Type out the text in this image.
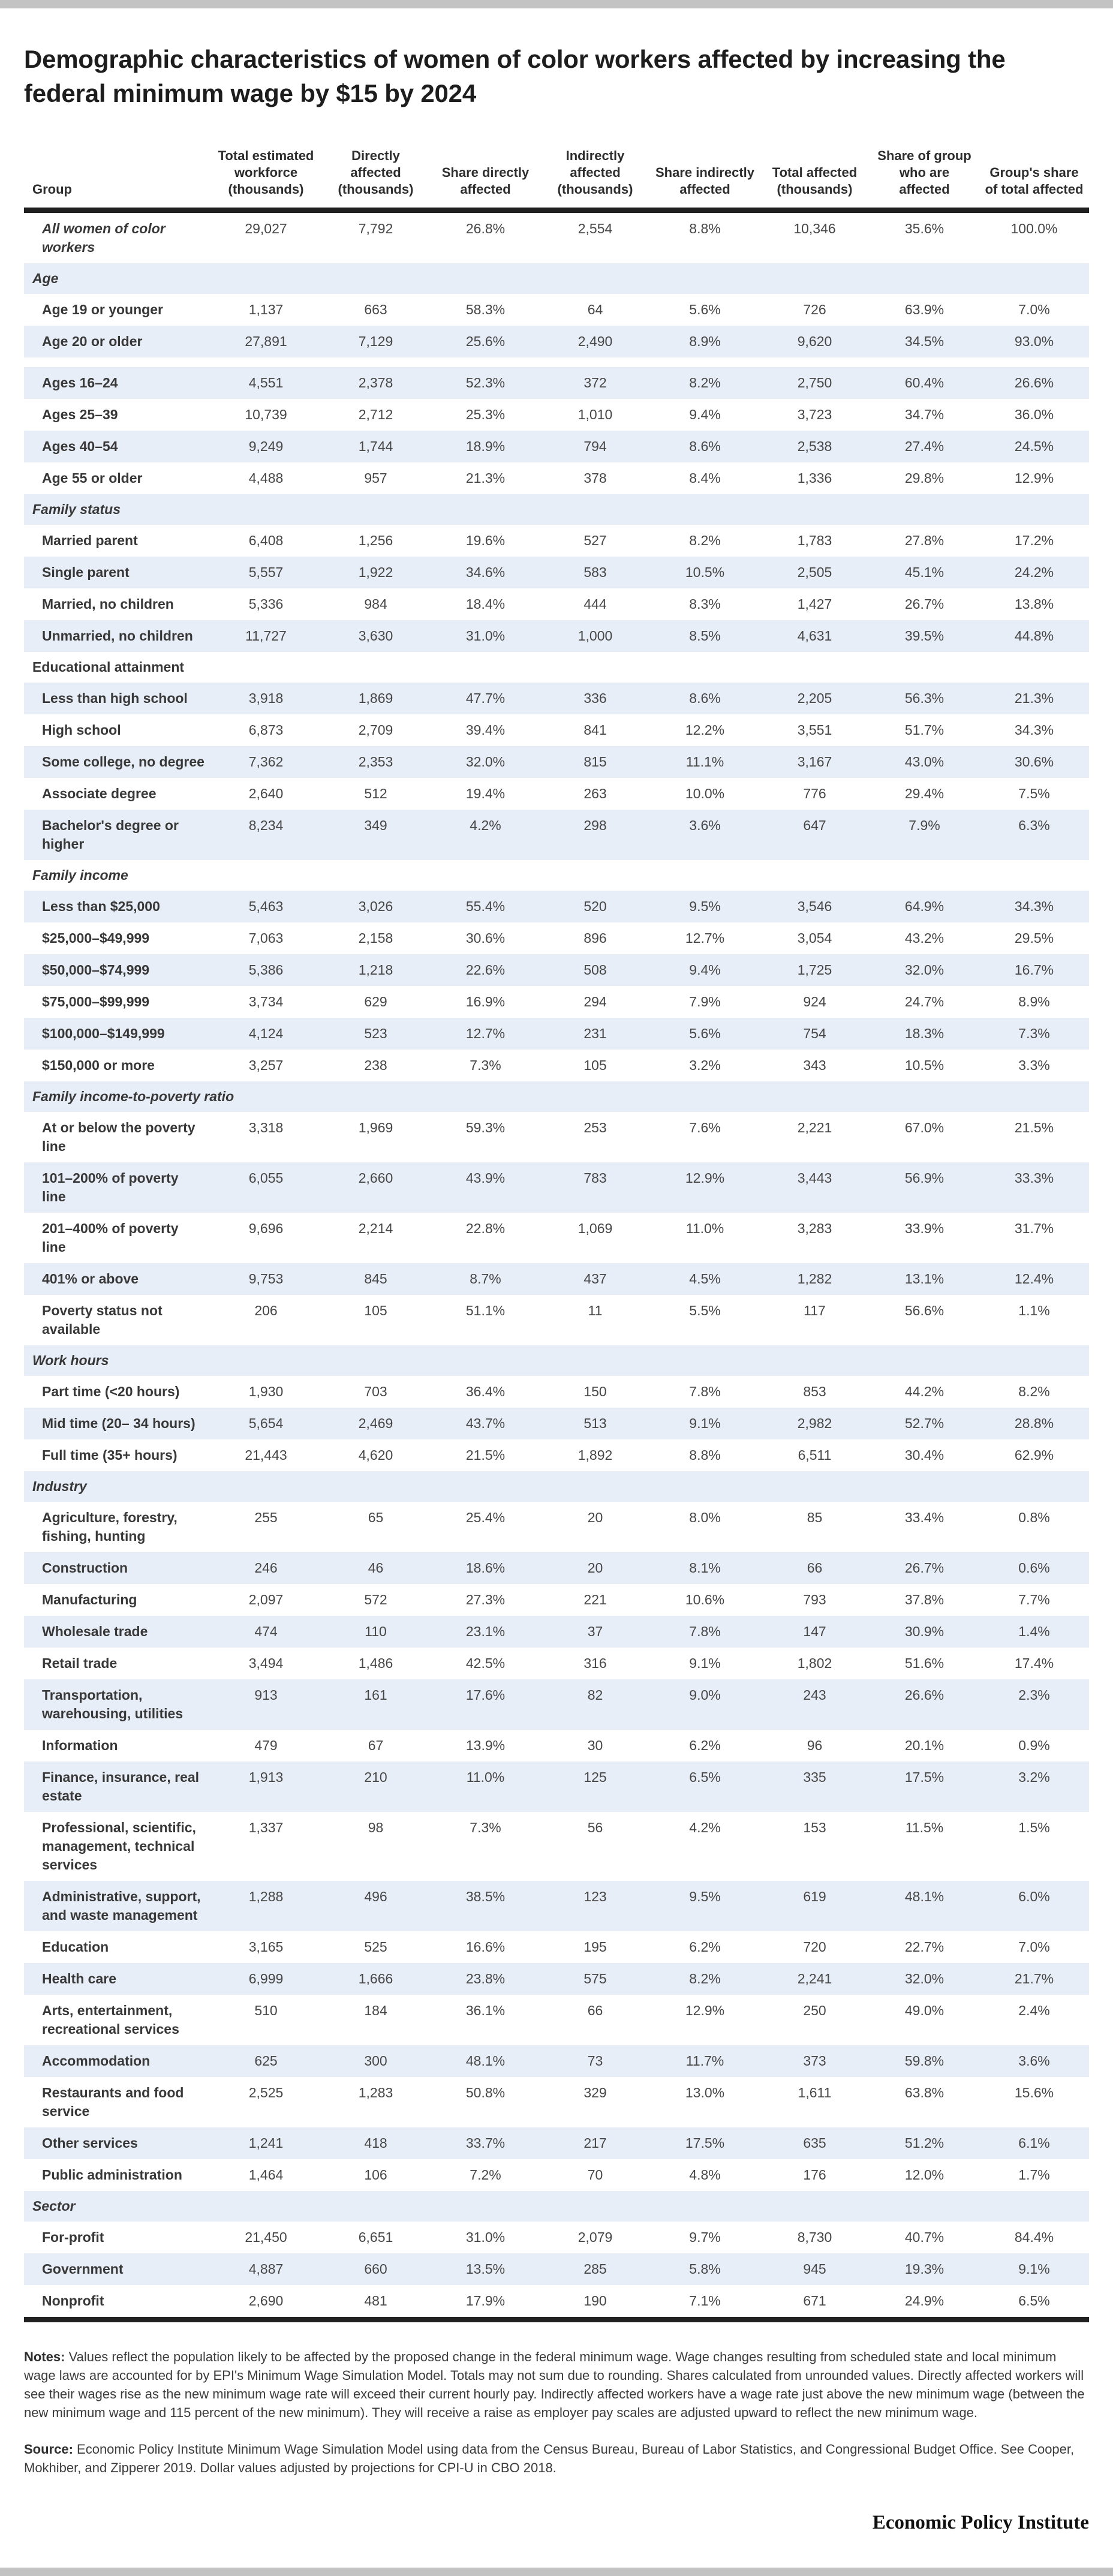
Demographic characteristics of women of color workers affected by increasing the federal minimum wage by $15 by 2024
Group	Total estimated workforce (thousands)	Directly affected (thousands)	Share directly affected	Indirectly affected (thousands)	Share indirectly affected	Total affected (thousands)	Share of group who are affected	Group's share of total affected
All women of color workers	29,027	7,792	26.8%	2,554	8.8%	10,346	35.6%	100.0%
Age								
Age 19 or younger	1,137	663	58.3%	64	5.6%	726	63.9%	7.0%
Age 20 or older	27,891	7,129	25.6%	2,490	8.9%	9,620	34.5%	93.0%

Ages 16–24	4,551	2,378	52.3%	372	8.2%	2,750	60.4%	26.6%
Ages 25–39	10,739	2,712	25.3%	1,010	9.4%	3,723	34.7%	36.0%
Ages 40–54	9,249	1,744	18.9%	794	8.6%	2,538	27.4%	24.5%
Age 55 or older	4,488	957	21.3%	378	8.4%	1,336	29.8%	12.9%
Family status								
Married parent	6,408	1,256	19.6%	527	8.2%	1,783	27.8%	17.2%
Single parent	5,557	1,922	34.6%	583	10.5%	2,505	45.1%	24.2%
Married, no children	5,336	984	18.4%	444	8.3%	1,427	26.7%	13.8%
Unmarried, no children	11,727	3,630	31.0%	1,000	8.5%	4,631	39.5%	44.8%
Educational attainment								
Less than high school	3,918	1,869	47.7%	336	8.6%	2,205	56.3%	21.3%
High school	6,873	2,709	39.4%	841	12.2%	3,551	51.7%	34.3%
Some college, no degree	7,362	2,353	32.0%	815	11.1%	3,167	43.0%	30.6%
Associate degree	2,640	512	19.4%	263	10.0%	776	29.4%	7.5%
Bachelor's degree or higher	8,234	349	4.2%	298	3.6%	647	7.9%	6.3%
Family income								
Less than $25,000	5,463	3,026	55.4%	520	9.5%	3,546	64.9%	34.3%
$25,000–$49,999	7,063	2,158	30.6%	896	12.7%	3,054	43.2%	29.5%
$50,000–$74,999	5,386	1,218	22.6%	508	9.4%	1,725	32.0%	16.7%
$75,000–$99,999	3,734	629	16.9%	294	7.9%	924	24.7%	8.9%
$100,000–$149,999	4,124	523	12.7%	231	5.6%	754	18.3%	7.3%
$150,000 or more	3,257	238	7.3%	105	3.2%	343	10.5%	3.3%
Family income-to-poverty ratio								
At or below the poverty line	3,318	1,969	59.3%	253	7.6%	2,221	67.0%	21.5%
101–200% of poverty line	6,055	2,660	43.9%	783	12.9%	3,443	56.9%	33.3%
201–400% of poverty line	9,696	2,214	22.8%	1,069	11.0%	3,283	33.9%	31.7%
401% or above	9,753	845	8.7%	437	4.5%	1,282	13.1%	12.4%
Poverty status not available	206	105	51.1%	11	5.5%	117	56.6%	1.1%
Work hours								
Part time (<20 hours)	1,930	703	36.4%	150	7.8%	853	44.2%	8.2%
Mid time (20– 34 hours)	5,654	2,469	43.7%	513	9.1%	2,982	52.7%	28.8%
Full time (35+ hours)	21,443	4,620	21.5%	1,892	8.8%	6,511	30.4%	62.9%
Industry								
Agriculture, forestry, fishing, hunting	255	65	25.4%	20	8.0%	85	33.4%	0.8%
Construction	246	46	18.6%	20	8.1%	66	26.7%	0.6%
Manufacturing	2,097	572	27.3%	221	10.6%	793	37.8%	7.7%
Wholesale trade	474	110	23.1%	37	7.8%	147	30.9%	1.4%
Retail trade	3,494	1,486	42.5%	316	9.1%	1,802	51.6%	17.4%
Transportation, warehousing, utilities	913	161	17.6%	82	9.0%	243	26.6%	2.3%
Information	479	67	13.9%	30	6.2%	96	20.1%	0.9%
Finance, insurance, real estate	1,913	210	11.0%	125	6.5%	335	17.5%	3.2%
Professional, scientific, management, technical services	1,337	98	7.3%	56	4.2%	153	11.5%	1.5%
Administrative, support, and waste management	1,288	496	38.5%	123	9.5%	619	48.1%	6.0%
Education	3,165	525	16.6%	195	6.2%	720	22.7%	7.0%
Health care	6,999	1,666	23.8%	575	8.2%	2,241	32.0%	21.7%
Arts, entertainment, recreational services	510	184	36.1%	66	12.9%	250	49.0%	2.4%
Accommodation	625	300	48.1%	73	11.7%	373	59.8%	3.6%
Restaurants and food service	2,525	1,283	50.8%	329	13.0%	1,611	63.8%	15.6%
Other services	1,241	418	33.7%	217	17.5%	635	51.2%	6.1%
Public administration	1,464	106	7.2%	70	4.8%	176	12.0%	1.7%
Sector								
For-profit	21,450	6,651	31.0%	2,079	9.7%	8,730	40.7%	84.4%
Government	4,887	660	13.5%	285	5.8%	945	19.3%	9.1%
Nonprofit	2,690	481	17.9%	190	7.1%	671	24.9%	6.5%

Notes: Values reflect the population likely to be affected by the proposed change in the federal minimum wage. Wage changes resulting from scheduled state and local minimum wage laws are accounted for by EPI's Minimum Wage Simulation Model. Totals may not sum due to rounding. Shares calculated from unrounded values. Directly affected workers will see their wages rise as the new minimum wage rate will exceed their current hourly pay. Indirectly affected workers have a wage rate just above the new minimum wage (between the new minimum wage and 115 percent of the new minimum). They will receive a raise as employer pay scales are adjusted upward to reflect the new minimum wage.

Source: Economic Policy Institute Minimum Wage Simulation Model using data from the Census Bureau, Bureau of Labor Statistics, and Congressional Budget Office. See Cooper, Mokhiber, and Zipperer 2019. Dollar values adjusted by projections for CPI-U in CBO 2018.

Economic Policy Institute
